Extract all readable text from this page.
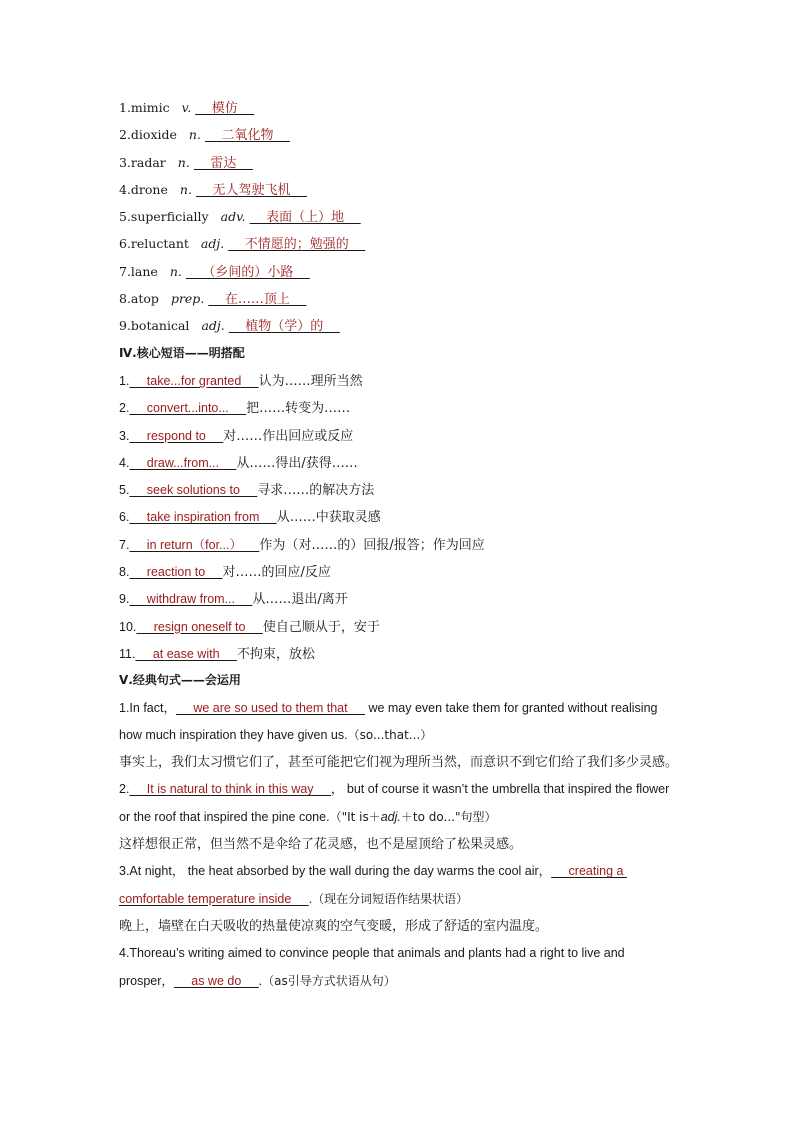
1.mimic v.    模仿
2.dioxide n.    二氧化物
3.radar n.    雷达
4.drone n.    无人驾驶飞机
5.superficially adv.    表面（上）地
6.reluctant adj.    不情愿的；勉强的
7.lane n.    （乡间的）小路
8.atop prep.    在……顶上
9.botanical adj.    植物（学）的
Ⅳ.核心短语——明搭配
1.     take...for granted     认为……理所当然
2.     convert...into...     把……转变为……
3.     respond to     对……作出回应或反应
4.     draw...from...     从……得出/获得……
5.     seek solutions to     寻求……的解决方法
6.     take inspiration from     从……中获取灵感
7.     in return（for...）     作为（对……的）回报/报答；作为回应
8.     reaction to     对……的回应/反应
9.     withdraw from...     从……退出/离开
10.     resign oneself to     使自己顺从于，安于
11.     at ease with     不拘束，放松
Ⅴ.经典句式——会运用
1.In fact，     we are so used to them that      we may even take them for granted without realising how much inspiration they have given us.（so...that...）
事实上，我们太习惯它们了，甚至可能把它们视为理所当然，而意识不到它们给了我们多少灵感。
2.     It is natural to think in this way     ， but of course it wasn’t the umbrella that inspired the flower or the roof that inspired the pine cone.（"It is＋adj.＋to do..."句型）
这样想很正常，但当然不是伞给了花灵感，也不是屋顶给了松果灵感。
3.At night， the heat absorbed by the wall during the day warms the cool air，     creating a comfortable temperature inside     .（现在分词短语作结果状语）
晚上，墙壁在白天吸收的热量使凉爽的空气变暖，形成了舒适的室内温度。
4.Thoreau’s writing aimed to convince people that animals and plants had a right to live and prosper，     as we do     .（as引导方式状语从句）
